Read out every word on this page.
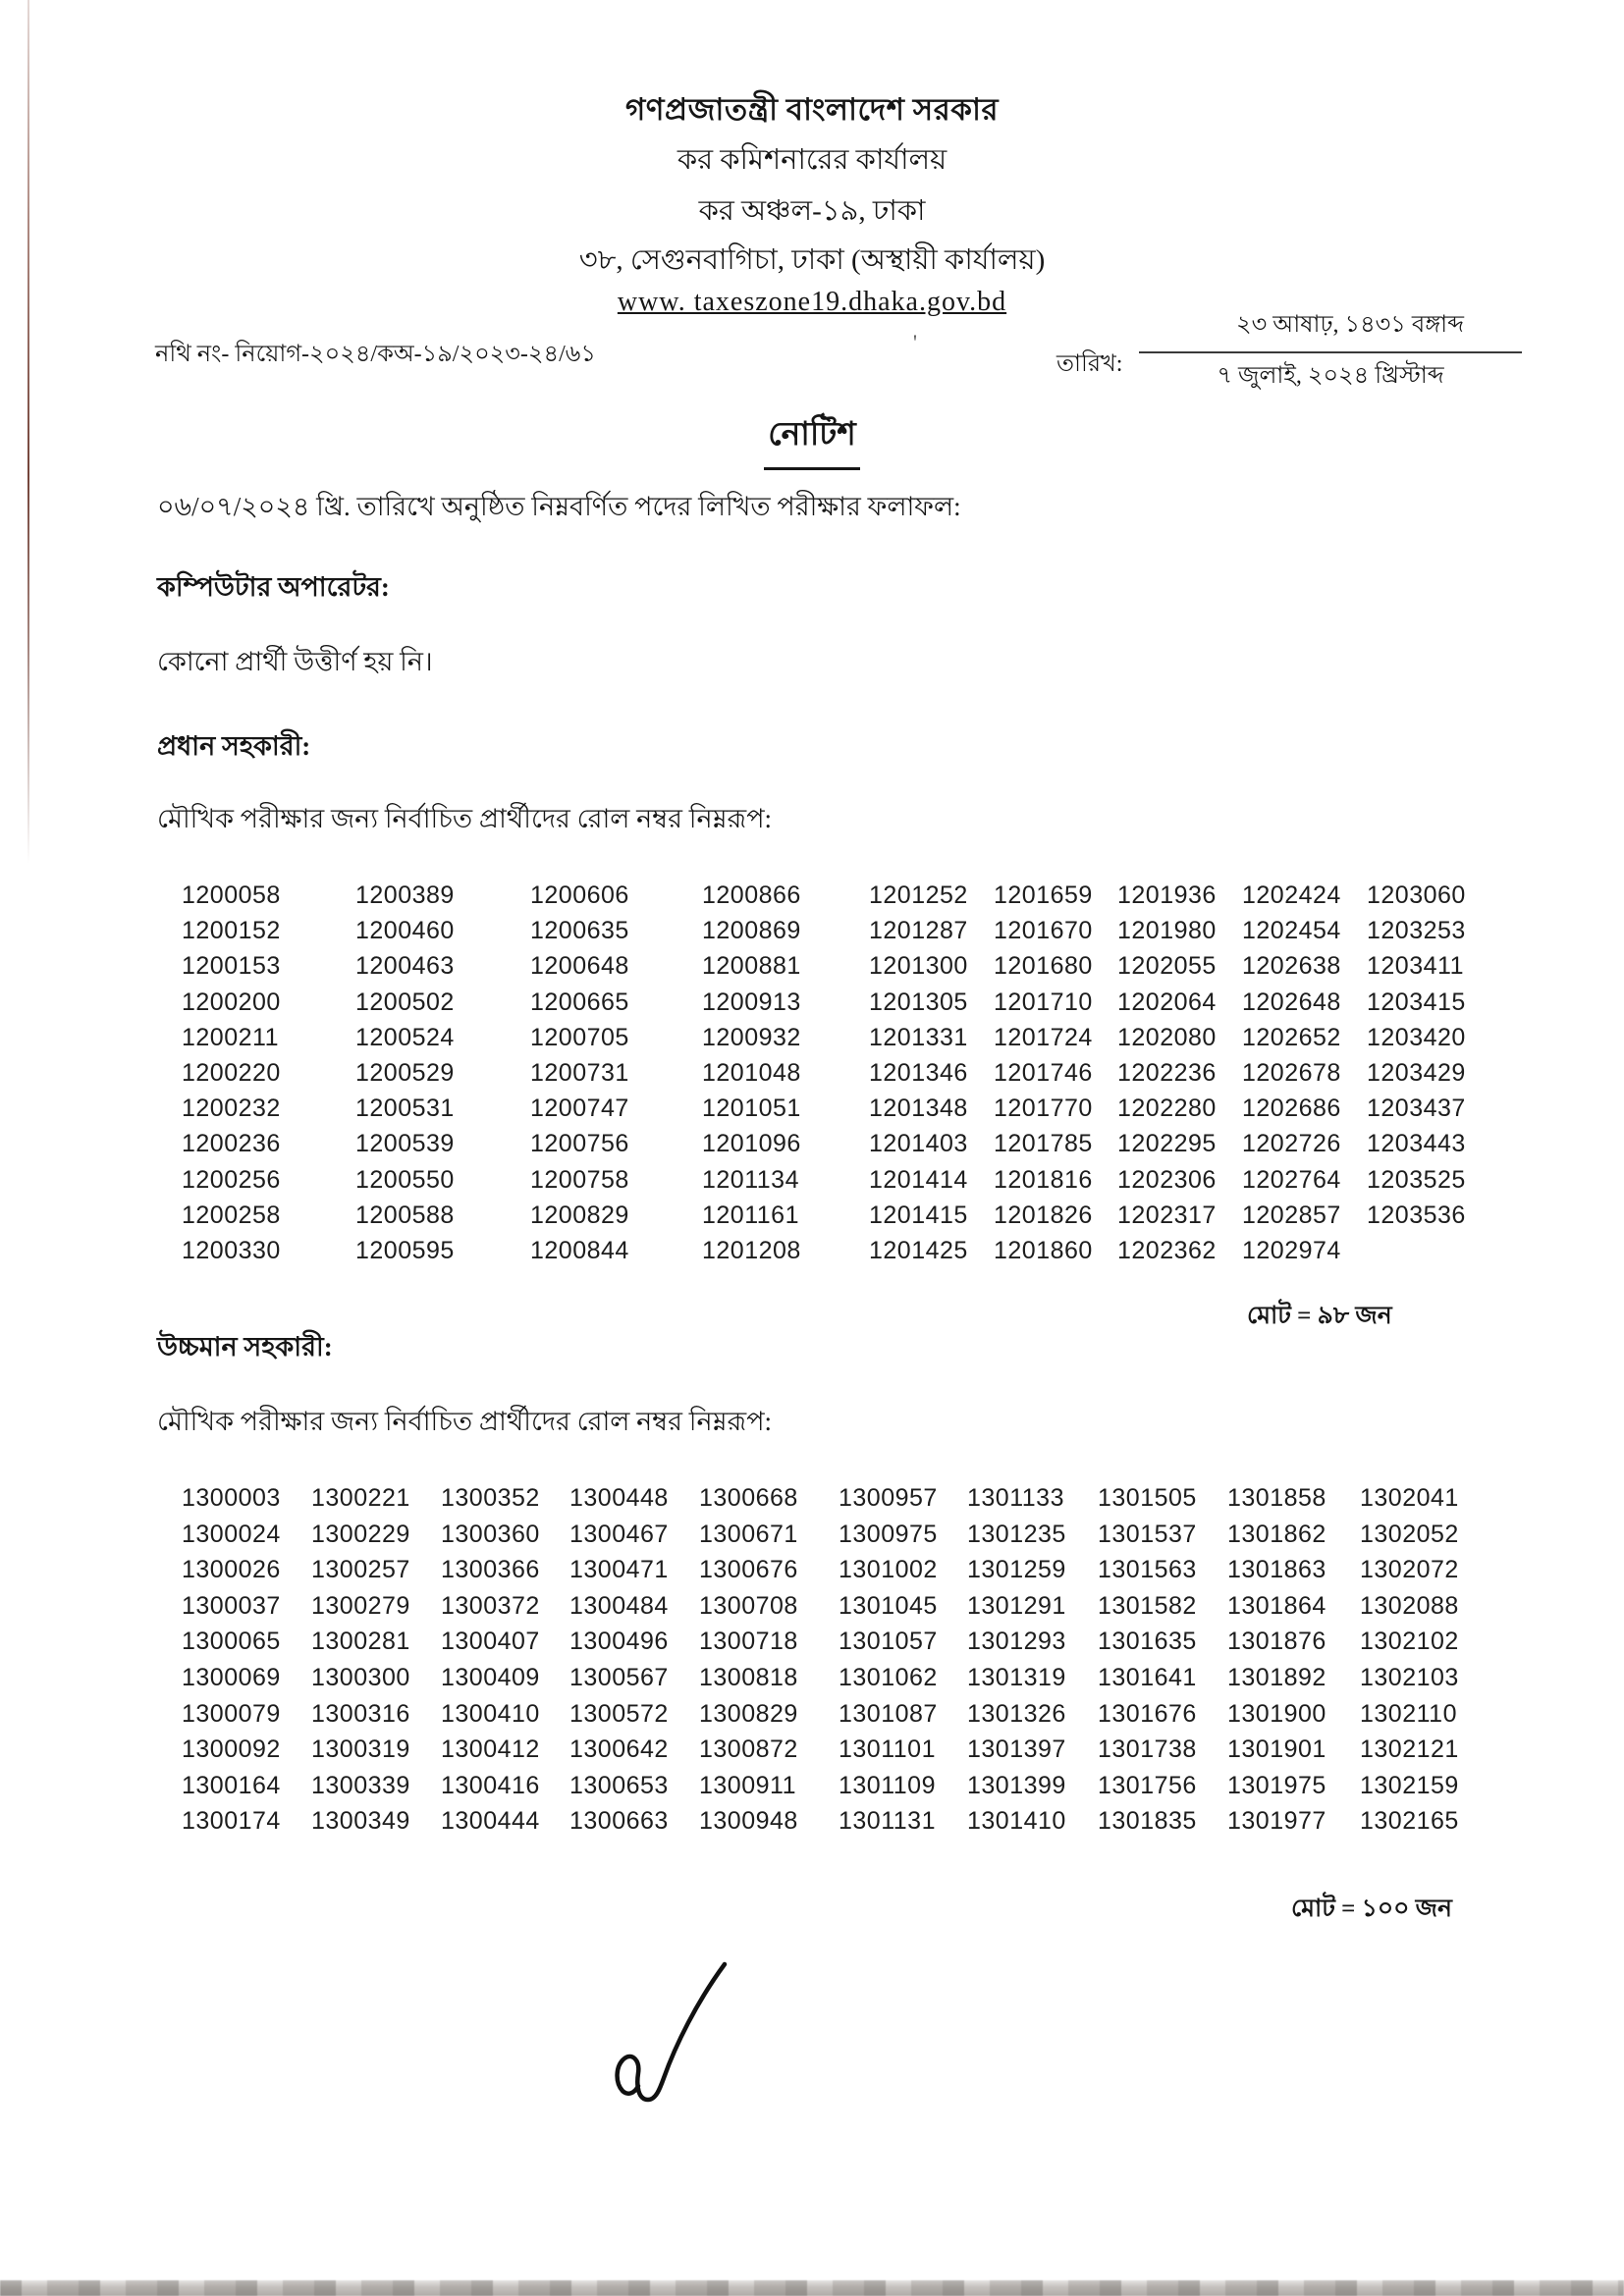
গণপ্রজাতন্ত্রী বাংলাদেশ সরকার
কর কমিশনারের কার্যালয়
কর অঞ্চল-১৯, ঢাকা
৩৮, সেগুনবাগিচা, ঢাকা (অস্থায়ী কার্যালয়)
www. taxeszone19.dhaka.gov.bd
নথি নং- নিয়োগ-২০২৪/কঅ-১৯/২০২৩-২৪/৬১	'
তারিখ:
২৩ আষাঢ়, ১৪৩১ বঙ্গাব্দ
৭ জুলাই, ২০২৪ খ্রিস্টাব্দ
নোটিশ
০৬/০৭/২০২৪ খ্রি. তারিখে অনুষ্ঠিত নিম্নবর্ণিত পদের লিখিত পরীক্ষার ফলাফল:
কম্পিউটার অপারেটর:
কোনো প্রার্থী উত্তীর্ণ হয় নি।
প্রধান সহকারী:
মৌখিক পরীক্ষার জন্য নির্বাচিত প্রার্থীদের রোল নম্বর নিম্নরূপ:
1200058	1200389	1200606	1200866	1201252	1201659	1201936	1202424	1203060
1200152	1200460	1200635	1200869	1201287	1201670	1201980	1202454	1203253
1200153	1200463	1200648	1200881	1201300	1201680	1202055	1202638	1203411
1200200	1200502	1200665	1200913	1201305	1201710	1202064	1202648	1203415
1200211	1200524	1200705	1200932	1201331	1201724	1202080	1202652	1203420
1200220	1200529	1200731	1201048	1201346	1201746	1202236	1202678	1203429
1200232	1200531	1200747	1201051	1201348	1201770	1202280	1202686	1203437
1200236	1200539	1200756	1201096	1201403	1201785	1202295	1202726	1203443
1200256	1200550	1200758	1201134	1201414	1201816	1202306	1202764	1203525
1200258	1200588	1200829	1201161	1201415	1201826	1202317	1202857	1203536
1200330	1200595	1200844	1201208	1201425	1201860	1202362	1202974
মোট = ৯৮ জন
উচ্চমান সহকারী:
মৌখিক পরীক্ষার জন্য নির্বাচিত প্রার্থীদের রোল নম্বর নিম্নরূপ:
1300003	1300221	1300352	1300448	1300668	1300957	1301133	1301505	1301858	1302041
1300024	1300229	1300360	1300467	1300671	1300975	1301235	1301537	1301862	1302052
1300026	1300257	1300366	1300471	1300676	1301002	1301259	1301563	1301863	1302072
1300037	1300279	1300372	1300484	1300708	1301045	1301291	1301582	1301864	1302088
1300065	1300281	1300407	1300496	1300718	1301057	1301293	1301635	1301876	1302102
1300069	1300300	1300409	1300567	1300818	1301062	1301319	1301641	1301892	1302103
1300079	1300316	1300410	1300572	1300829	1301087	1301326	1301676	1301900	1302110
1300092	1300319	1300412	1300642	1300872	1301101	1301397	1301738	1301901	1302121
1300164	1300339	1300416	1300653	1300911	1301109	1301399	1301756	1301975	1302159
1300174	1300349	1300444	1300663	1300948	1301131	1301410	1301835	1301977	1302165
মোট = ১০০ জন
